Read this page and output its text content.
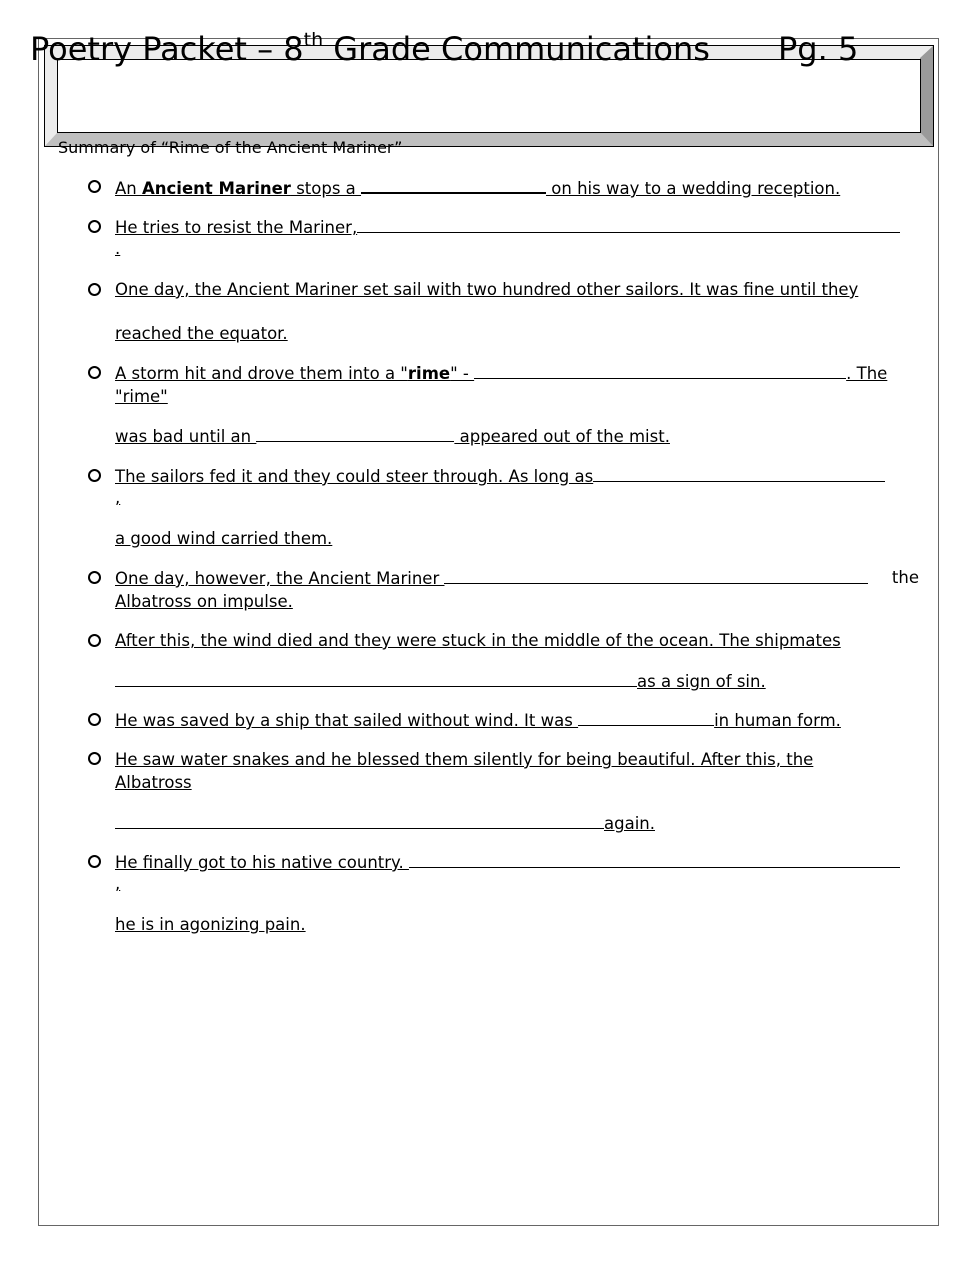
Poetry Packet – 8th Grade Communications Pg. 5
Summary of “Rime of the Ancient Mariner”
An Ancient Mariner stops a	on his way to a wedding reception.
He tries to resist the Mariner,
.
One day, the Ancient Mariner set sail with two hundred other sailors. It was fine until they
reached the equator.
A storm hit and drove them into a "rime" -	. The
"rime"
was bad until an	appeared out of the mist.
The sailors fed it and they could steer through. As long as
,
a good wind carried them.
One day, however, the Ancient Mariner	the
Albatross on impulse.
After this, the wind died and they were stuck in the middle of the ocean. The shipmates
as a sign of sin.
He was saved by a ship that sailed without wind. It was	in human form.
He saw water snakes and he blessed them silently for being beautiful. After this, the
Albatross
again.
He finally got to his native country.
,
he is in agonizing pain.
